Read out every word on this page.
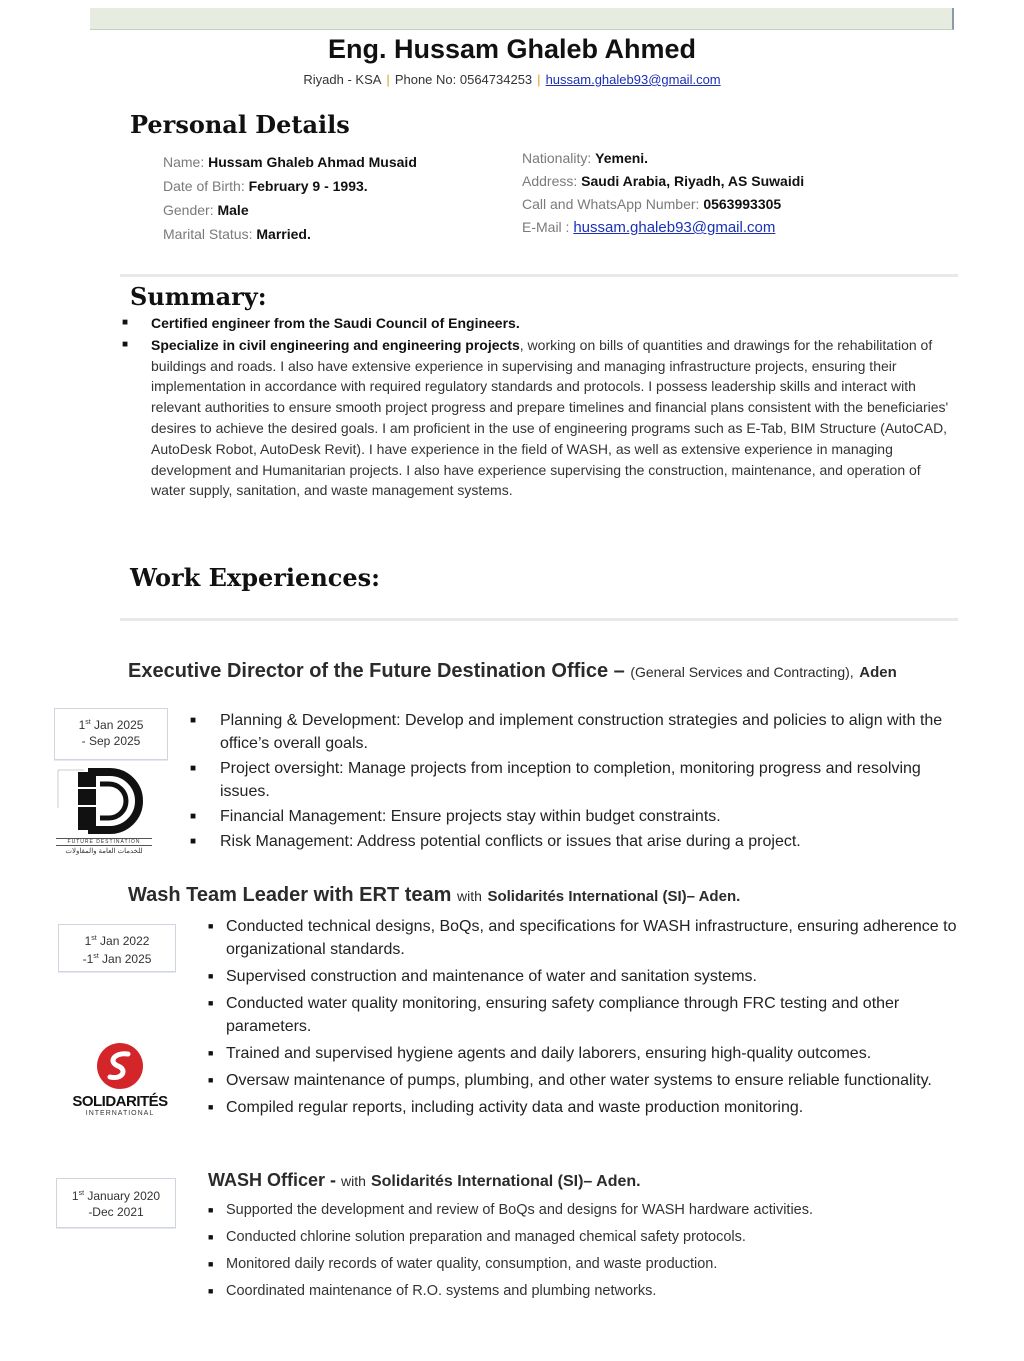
Eng. Hussam Ghaleb Ahmed
Riyadh - KSA | Phone No: 0564734253 | hussam.ghaleb93@gmail.com
Personal Details
Name: Hussam Ghaleb Ahmad Musaid
Date of Birth: February 9 - 1993.
Gender: Male
Marital Status: Married.
Nationality: Yemeni.
Address: Saudi Arabia, Riyadh, AS Suwaidi
Call and WhatsApp Number: 0563993305
E-Mail : hussam.ghaleb93@gmail.com
Summary:
■ Certified engineer from the Saudi Council of Engineers.
■ Specialize in civil engineering and engineering projects, working on bills of quantities and drawings for the rehabilitation of buildings and roads. I also have extensive experience in supervising and managing infrastructure projects, ensuring their implementation in accordance with required regulatory standards and protocols. I possess leadership skills and interact with relevant authorities to ensure smooth project progress and prepare timelines and financial plans consistent with the beneficiaries' desires to achieve the desired goals. I am proficient in the use of engineering programs such as E-Tab, BIM Structure (AutoCAD, AutoDesk Robot, AutoDesk Revit). I have experience in the field of WASH, as well as extensive experience in managing development and Humanitarian projects. I also have experience supervising the construction, maintenance, and operation of water supply, sanitation, and waste management systems.
Work Experiences:
Executive Director of the Future Destination Office – (General Services and Contracting), Aden
1st Jan 2025
- Sep 2025
FUTURE DESTINATION
للخدمات العامة والمقاولات
■ Planning & Development: Develop and implement construction strategies and policies to align with the office’s overall goals.
■ Project oversight: Manage projects from inception to completion, monitoring progress and resolving issues.
■ Financial Management: Ensure projects stay within budget constraints.
■ Risk Management: Address potential conflicts or issues that arise during a project.
Wash Team Leader with ERT team with Solidarités International (SI)– Aden.
1st Jan 2022
-1st Jan 2025
SOLIDARITÉS
INTERNATIONAL
■ Conducted technical designs, BoQs, and specifications for WASH infrastructure, ensuring adherence to organizational standards.
■ Supervised construction and maintenance of water and sanitation systems.
■ Conducted water quality monitoring, ensuring safety compliance through FRC testing and other parameters.
■ Trained and supervised hygiene agents and daily laborers, ensuring high-quality outcomes.
■ Oversaw maintenance of pumps, plumbing, and other water systems to ensure reliable functionality.
■ Compiled regular reports, including activity data and waste production monitoring.
WASH Officer - with Solidarités International (SI)– Aden.
1st January 2020
-Dec 2021	■ Supported the development and review of BoQs and designs for WASH hardware activities.
■ Conducted chlorine solution preparation and managed chemical safety protocols.
■ Monitored daily records of water quality, consumption, and waste production.
■ Coordinated maintenance of R.O. systems and plumbing networks.
